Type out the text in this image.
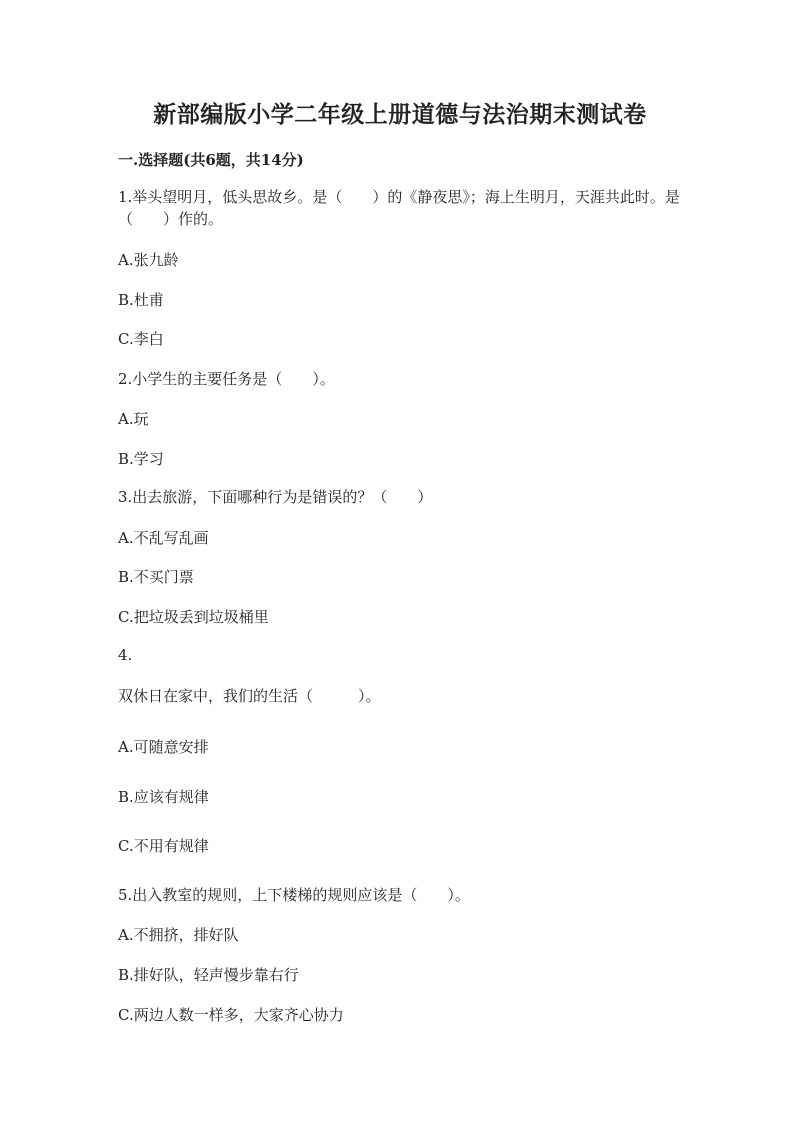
新部编版小学二年级上册道德与法治期末测试卷
一.选择题(共6题，共14分)
1.举头望明月，低头思故乡。是（　　）的《静夜思》；海上生明月，天涯共此时。是（　　）作的。
A.张九龄
B.杜甫
C.李白
2.小学生的主要任务是（　　）。
A.玩
B.学习
3.出去旅游，下面哪种行为是错误的？（　　）
A.不乱写乱画
B.不买门票
C.把垃圾丢到垃圾桶里
4.
双休日在家中，我们的生活（　　　）。
A.可随意安排
B.应该有规律
C.不用有规律
5.出入教室的规则，上下楼梯的规则应该是（　　）。
A.不拥挤，排好队
B.排好队，轻声慢步靠右行
C.两边人数一样多，大家齐心协力
